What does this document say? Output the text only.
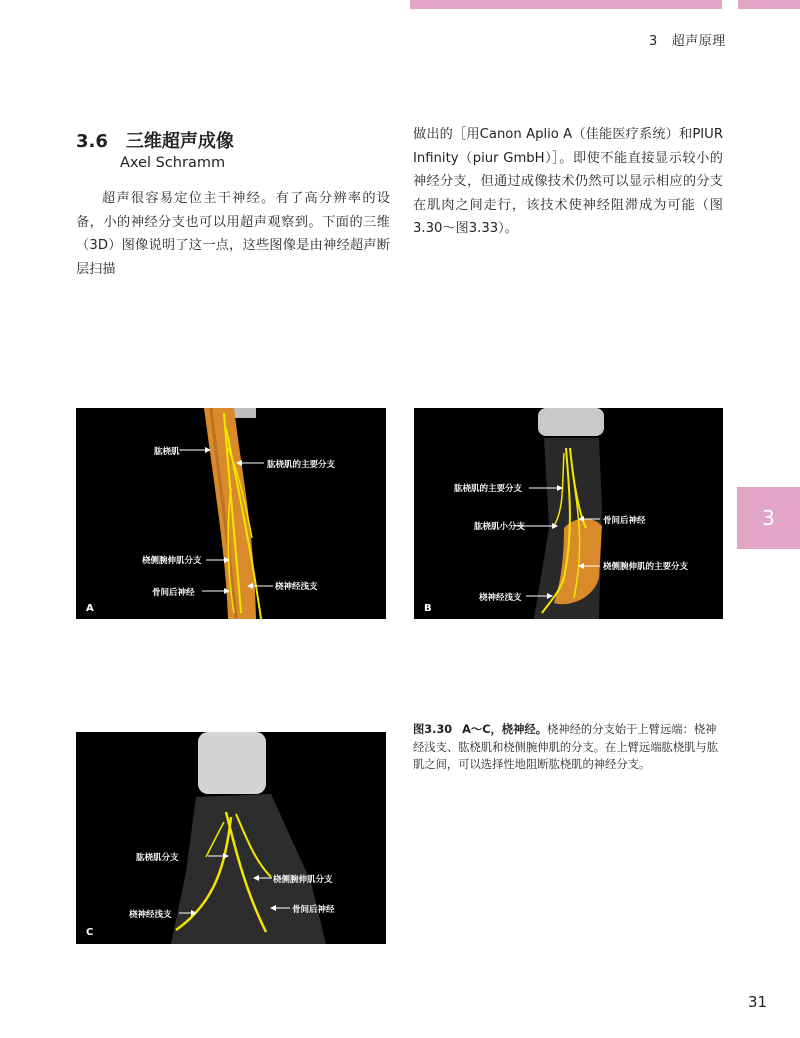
3 超声原理
3.6 三维超声成像
Axel Schramm
超声很容易定位主干神经。有了高分辨率的设备，小的神经分支也可以用超声观察到。下面的三维（3D）图像说明了这一点，这些图像是由神经超声断层扫描
做出的［用Canon Aplio A（佳能医疗系统）和PIUR Infinity（piur GmbH）］。即使不能直接显示较小的神经分支，但通过成像技术仍然可以显示相应的分支在肌肉之间走行，该技术使神经阻滞成为可能（图3.30～图3.33）。
3
肱桡肌
肱桡肌的主要分支
桡侧腕伸肌分支
骨间后神经
桡神经浅支
A
肱桡肌的主要分支
骨间后神经
肱桡肌小分支
桡侧腕伸肌的主要分支
桡神经浅支
B
肱桡肌分支
桡侧腕伸肌分支
骨间后神经
桡神经浅支
C
图3.30 A～C，桡神经。桡神经的分支始于上臂远端：桡神经浅支、肱桡肌和桡侧腕伸肌的分支。在上臂远端肱桡肌与肱肌之间，可以选择性地阻断肱桡肌的神经分支。
31
